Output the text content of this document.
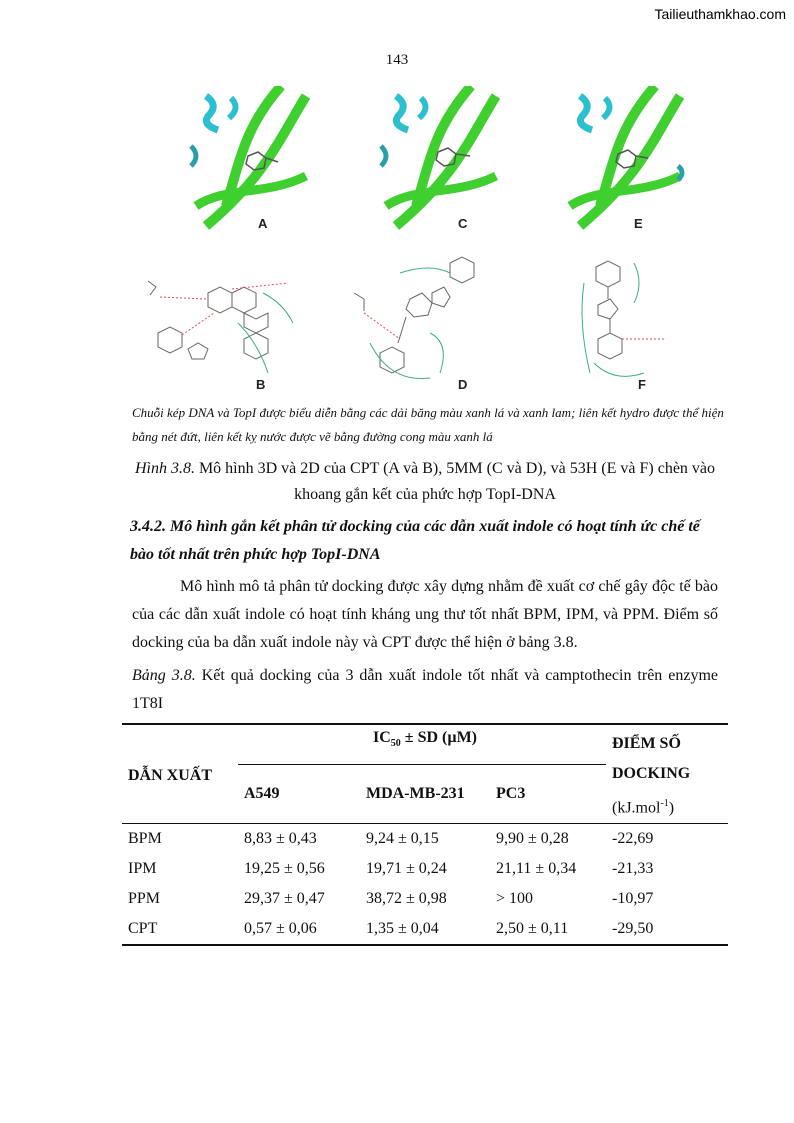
Tailieuthamkhao.com
143
A	C	E
B	D	F
Chuỗi kép DNA và TopI được biểu diễn bằng các dải băng màu xanh lá và xanh lam; liên kết hydro được thể hiện bằng nét đứt, liên kết kỵ nước được vẽ bằng đường cong màu xanh lá
Hình 3.8. Mô hình 3D và 2D của CPT (A và B), 5MM (C và D), và 53H (E và F) chèn vào khoang gắn kết của phức hợp TopI-DNA
3.4.2. Mô hình gắn kết phân tử docking của các dẫn xuất indole có hoạt tính ức chế tế bào tốt nhất trên phức hợp TopI-DNA
Mô hình mô tả phân tử docking được xây dựng nhằm đề xuất cơ chế gây độc tế bào của các dẫn xuất indole có hoạt tính kháng ung thư tốt nhất BPM, IPM, và PPM. Điểm số docking của ba dẫn xuất indole này và CPT được thể hiện ở bảng 3.8.
Bảng 3.8. Kết quả docking của 3 dẫn xuất indole tốt nhất và camptothecin trên enzyme 1T8I
DẪN XUẤT	$IC_{50}$ ± SD (µM)			ĐIỂM SỐ
DOCKING
(kJ.mol$^{-1}$)

	A549	MDA-MB-231	PC3	
BPM	8,83 ± 0,43	9,24 ± 0,15	9,90 ± 0,28	-22,69
IPM	19,25 ± 0,56	19,71 ± 0,24	21,11 ± 0,34	-21,33
PPM	29,37 ± 0,47	38,72 ± 0,98	> 100	-10,97
CPT	0,57 ± 0,06	1,35 ± 0,04	2,50 ± 0,11	-29,50
